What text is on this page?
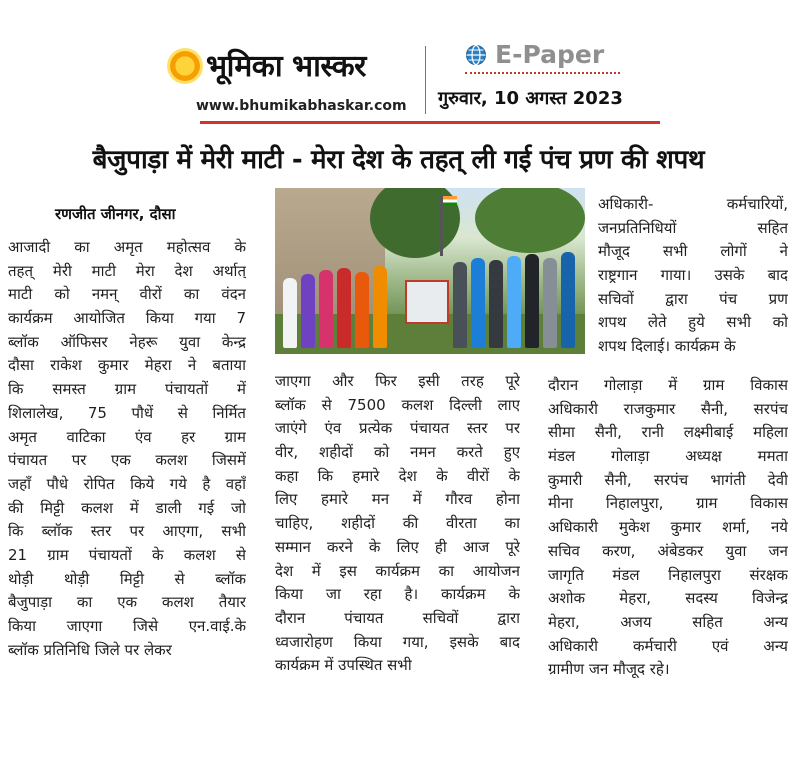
भूमिका भास्कर
www.bhumikabhaskar.com
E-Paper
गुरुवार, 10 अगस्त 2023
बैजुपाड़ा में मेरी माटी - मेरा देश के तहत् ली गई पंच प्रण की शपथ
रणजीत जीनगर, दौसा
आजादी का अमृत महोत्सव के
तहत् मेरी माटी मेरा देश अर्थात्
माटी को नमन् वीरों का वंदन
कार्यक्रम आयोजित किया गया 7
ब्लॉक ऑफिसर नेहरू युवा केन्द्र
दौसा राकेश कुमार मेहरा ने बताया
कि समस्त ग्राम पंचायतों में
शिलालेख, 75 पौधें से निर्मित
अमृत वाटिका एंव हर ग्राम
पंचायत पर एक कलश जिसमें
जहाँ पौधे रोपित किये गये है वहाँ
की मिट्टी कलश में डाली गई जो
कि ब्लॉक स्तर पर आएगा, सभी
21 ग्राम पंचायतों के कलश से
थोड़ी थोड़ी मिट्टी से ब्लॉक
बैजुपाड़ा का एक कलश तैयार
किया जाएगा जिसे एन.वाई.के
ब्लॉक प्रतिनिधि जिले पर लेकर
जाएगा और फिर इसी तरह पूरे
ब्लॉक से 7500 कलश दिल्ली लाए
जाएंगे एंव प्रत्येक पंचायत स्तर पर
वीर, शहीदों को नमन करते हुए
कहा कि हमारे देश के वीरों के
लिए हमारे मन में गौरव होना
चाहिए, शहीदों की वीरता का
सम्मान करने के लिए ही आज पूरे
देश में इस कार्यक्रम का आयोजन
किया जा रहा है। कार्यक्रम के
दौरान पंचायत सचिवों द्वारा
ध्वजारोहण किया गया, इसके बाद
कार्यक्रम में उपस्थित सभी
अधिकारी- कर्मचारियों,
जनप्रतिनिधियों सहित
मौजूद सभी लोगों ने
राष्ट्रगान गाया। उसके बाद
सचिवों द्वारा पंच प्रण
शपथ लेते हुये सभी को
शपथ दिलाई। कार्यक्रम के
दौरान गोलाड़ा में ग्राम विकास
अधिकारी राजकुमार सैनी, सरपंच
सीमा सैनी, रानी लक्ष्मीबाई महिला
मंडल गोलाड़ा अध्यक्ष ममता
कुमारी सैनी, सरपंच भागंती देवी
मीना निहालपुरा, ग्राम विकास
अधिकारी मुकेश कुमार शर्मा, नये
सचिव करण, अंबेडकर युवा जन
जागृति मंडल निहालपुरा संरक्षक
अशोक मेहरा, सदस्य विजेन्द्र
मेहरा, अजय सहित अन्य
अधिकारी कर्मचारी एवं अन्य
ग्रामीण जन मौजूद रहे।
